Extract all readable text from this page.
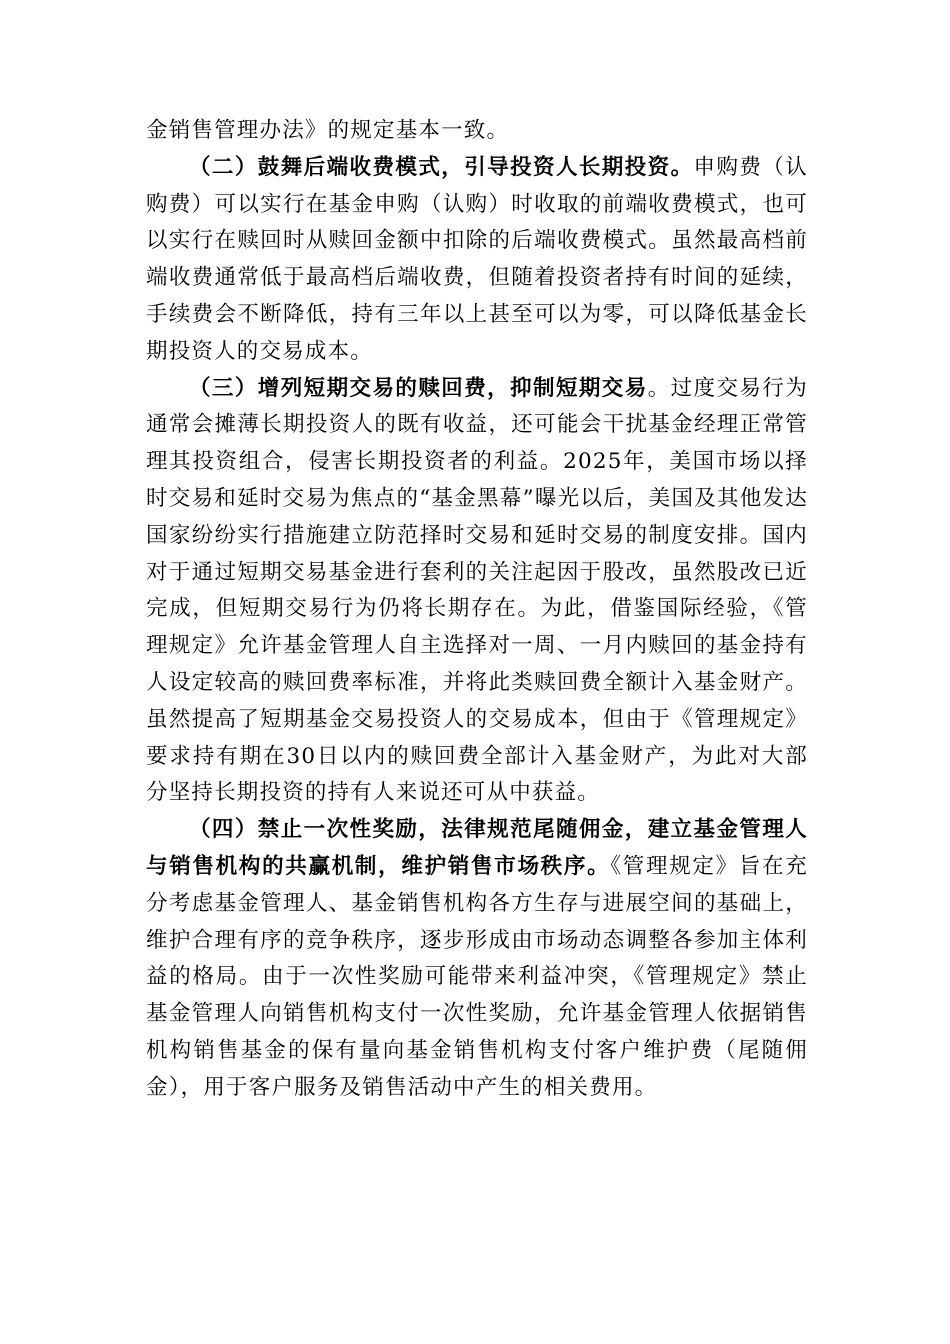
金销售管理办法》的规定基本一致。

（二）鼓舞后端收费模式，引导投资人长期投资。申购费（认购费）可以实行在基金申购（认购）时收取的前端收费模式，也可以实行在赎回时从赎回金额中扣除的后端收费模式。虽然最高档前端收费通常低于最高档后端收费，但随着投资者持有时间的延续，手续费会不断降低，持有三年以上甚至可以为零，可以降低基金长期投资人的交易成本。

（三）增列短期交易的赎回费，抑制短期交易。过度交易行为通常会摊薄长期投资人的既有收益，还可能会干扰基金经理正常管理其投资组合，侵害长期投资者的利益。2025年，美国市场以择时交易和延时交易为焦点的“基金黑幕”曝光以后，美国及其他发达国家纷纷实行措施建立防范择时交易和延时交易的制度安排。国内对于通过短期交易基金进行套利的关注起因于股改，虽然股改已近完成，但短期交易行为仍将长期存在。为此，借鉴国际经验，《管理规定》允许基金管理人自主选择对一周、一月内赎回的基金持有人设定较高的赎回费率标准，并将此类赎回费全额计入基金财产。虽然提高了短期基金交易投资人的交易成本，但由于《管理规定》要求持有期在30日以内的赎回费全部计入基金财产，为此对大部分坚持长期投资的持有人来说还可从中获益。

（四）禁止一次性奖励，法律规范尾随佣金，建立基金管理人与销售机构的共赢机制，维护销售市场秩序。《管理规定》旨在充分考虑基金管理人、基金销售机构各方生存与进展空间的基础上，维护合理有序的竞争秩序，逐步形成由市场动态调整各参加主体利益的格局。由于一次性奖励可能带来利益冲突，《管理规定》禁止基金管理人向销售机构支付一次性奖励，允许基金管理人依据销售机构销售基金的保有量向基金销售机构支付客户维护费（尾随佣金），用于客户服务及销售活动中产生的相关费用。
